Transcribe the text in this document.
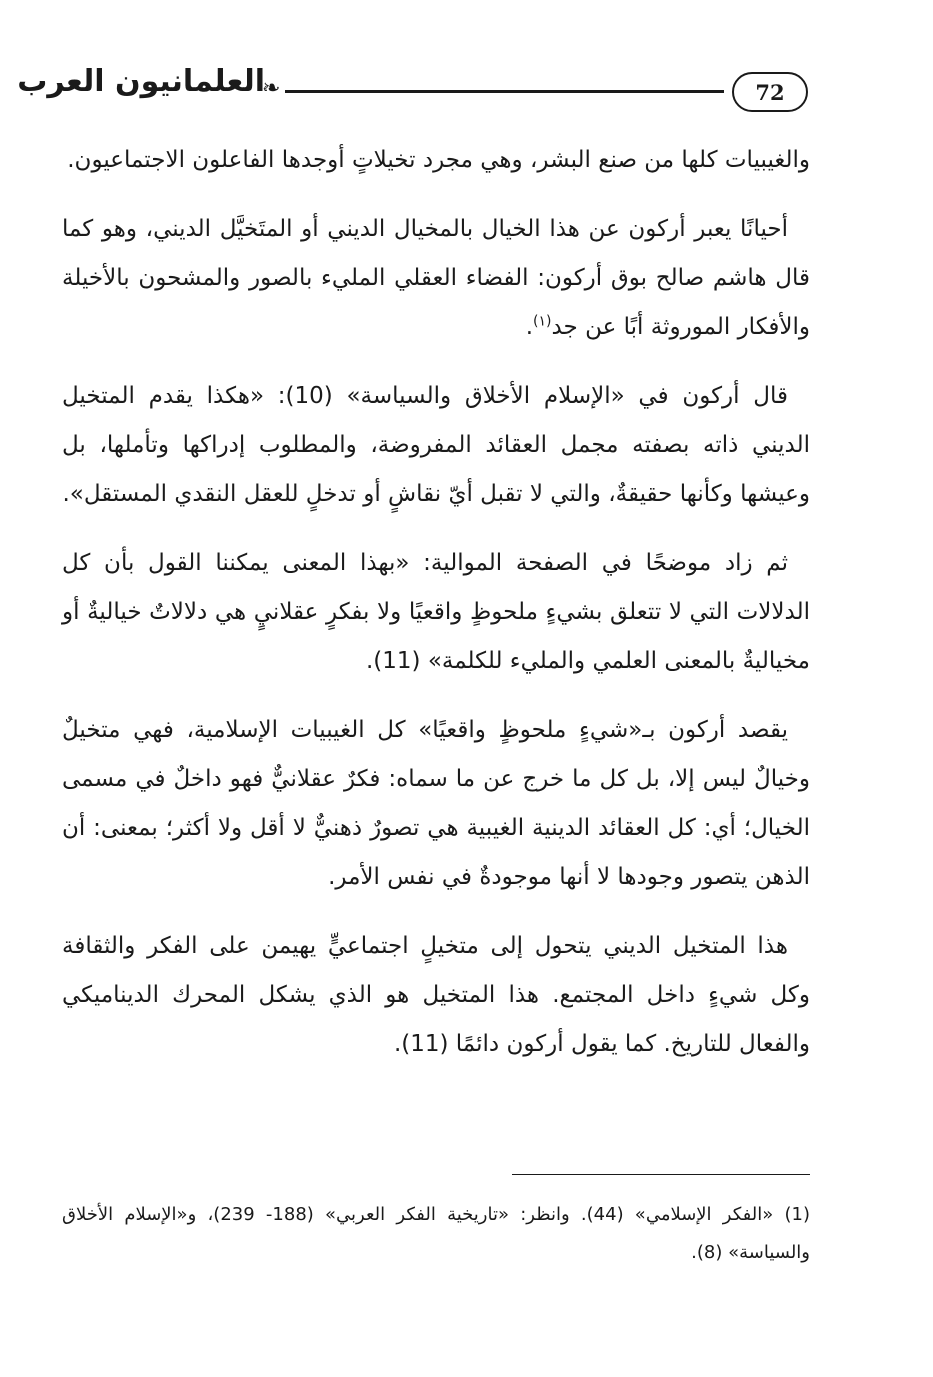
العلمانيون العرب
❧	72

والغيبيات كلها من صنع البشر، وهي مجرد تخيلاتٍ أوجدها الفاعلون الاجتماعيون.

أحيانًا يعبر أركون عن هذا الخيال بالمخيال الديني أو المتَخيَّل الديني، وهو كما قال هاشم صالح بوق أركون: الفضاء العقلي المليء بالصور والمشحون بالأخيلة والأفكار الموروثة أبًا عن جد$^{(١)}$.

قال أركون في «الإسلام الأخلاق والسياسة» (10): «هكذا يقدم المتخيل الديني ذاته بصفته مجمل العقائد المفروضة، والمطلوب إدراكها وتأملها، بل وعيشها وكأنها حقيقةٌ، والتي لا تقبل أيّ نقاشٍ أو تدخلٍ للعقل النقدي المستقل».

ثم زاد موضحًا في الصفحة الموالية: «بهذا المعنى يمكننا القول بأن كل الدلالات التي لا تتعلق بشيءٍ ملحوظٍ واقعيًا ولا بفكرٍ عقلانيٍ هي دلالاتٌ خياليةٌ أو مخياليةٌ بالمعنى العلمي والمليء للكلمة» (11).

يقصد أركون بـ«شيءٍ ملحوظٍ واقعيًا» كل الغيبيات الإسلامية، فهي متخيلٌ وخيالٌ ليس إلا، بل كل ما خرج عن ما سماه: فكرٌ عقلانيٌّ فهو داخلٌ في مسمى الخيال؛ أي: كل العقائد الدينية الغيبية هي تصورٌ ذهنيٌّ لا أقل ولا أكثر؛ بمعنى: أن الذهن يتصور وجودها لا أنها موجودةٌ في نفس الأمر.

هذا المتخيل الديني يتحول إلى متخيلٍ اجتماعيٍّ يهيمن على الفكر والثقافة وكل شيءٍ داخل المجتمع. هذا المتخيل هو الذي يشكل المحرك الديناميكي والفعال للتاريخ. كما يقول أركون دائمًا (11).

(1) «الفكر الإسلامي» (44). وانظر: «تاريخية الفكر العربي» (188- 239)، و«الإسلام الأخلاق والسياسة» (8).
